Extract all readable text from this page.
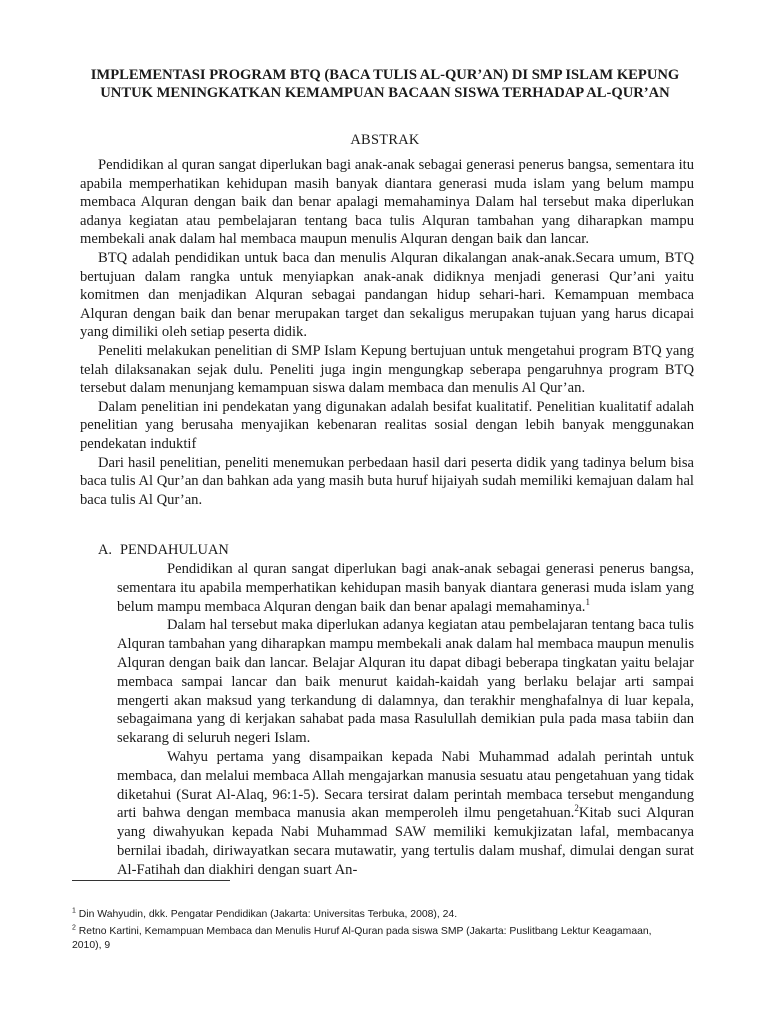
IMPLEMENTASI PROGRAM BTQ (BACA TULIS AL-QUR’AN) DI SMP ISLAM KEPUNG UNTUK MENINGKATKAN KEMAMPUAN BACAAN SISWA TERHADAP AL-QUR’AN
ABSTRAK

Pendidikan al quran sangat diperlukan bagi anak-anak sebagai generasi penerus bangsa, sementara itu apabila memperhatikan kehidupan masih banyak diantara generasi muda islam yang belum mampu membaca Alquran dengan baik dan benar apalagi memahaminya Dalam hal tersebut maka diperlukan adanya kegiatan atau pembelajaran tentang baca tulis Alquran tambahan yang diharapkan mampu membekali anak dalam hal membaca maupun menulis Alquran dengan baik dan lancar.

BTQ adalah pendidikan untuk baca dan menulis Alquran dikalangan anak-anak.Secara umum, BTQ bertujuan dalam rangka untuk menyiapkan anak-anak didiknya menjadi generasi Qur’ani yaitu komitmen dan menjadikan Alquran sebagai pandangan hidup sehari-hari. Kemampuan membaca Alquran dengan baik dan benar merupakan target dan sekaligus merupakan tujuan yang harus dicapai yang dimiliki oleh setiap peserta didik.

Peneliti melakukan penelitian di SMP Islam Kepung bertujuan untuk mengetahui program BTQ yang telah dilaksanakan sejak dulu. Peneliti juga ingin mengungkap seberapa pengaruhnya program BTQ tersebut dalam menunjang kemampuan siswa dalam membaca dan menulis Al Qur’an.

Dalam penelitian ini pendekatan yang digunakan adalah besifat kualitatif. Penelitian kualitatif adalah penelitian yang berusaha menyajikan kebenaran realitas sosial dengan lebih banyak menggunakan pendekatan induktif

Dari hasil penelitian, peneliti menemukan perbedaan hasil dari peserta didik yang tadinya belum bisa baca tulis Al Qur’an dan bahkan ada yang masih buta huruf hijaiyah sudah memiliki kemajuan dalam hal baca tulis Al Qur’an.

A. PENDAHULUAN

Pendidikan al quran sangat diperlukan bagi anak-anak sebagai generasi penerus bangsa, sementara itu apabila memperhatikan kehidupan masih banyak diantara generasi muda islam yang belum mampu membaca Alquran dengan baik dan benar apalagi memahaminya.$^1$

Dalam hal tersebut maka diperlukan adanya kegiatan atau pembelajaran tentang baca tulis Alquran tambahan yang diharapkan mampu membekali anak dalam hal membaca maupun menulis Alquran dengan baik dan lancar. Belajar Alquran itu dapat dibagi beberapa tingkatan yaitu belajar membaca sampai lancar dan baik menurut kaidah-kaidah yang berlaku belajar arti sampai mengerti akan maksud yang terkandung di dalamnya, dan terakhir menghafalnya di luar kepala, sebagaimana yang di kerjakan sahabat pada masa Rasulullah demikian pula pada masa tabiin dan sekarang di seluruh negeri Islam.

Wahyu pertama yang disampaikan kepada Nabi Muhammad adalah perintah untuk membaca, dan melalui membaca Allah mengajarkan manusia sesuatu atau pengetahuan yang tidak diketahui (Surat Al-Alaq, 96:1-5). Secara tersirat dalam perintah membaca tersebut mengandung arti bahwa dengan membaca manusia akan memperoleh ilmu pengetahuan.$^2$Kitab suci Alquran yang diwahyukan kepada Nabi Muhammad SAW memiliki kemukjizatan lafal, membacanya bernilai ibadah, diriwayatkan secara mutawatir, yang tertulis dalam mushaf, dimulai dengan surat Al-Fatihah dan diakhiri dengan suart An-

$^1$ Din Wahyudin, dkk. Pengatar Pendidikan (Jakarta: Universitas Terbuka, 2008), 24.

$^2$ Retno Kartini, Kemampuan Membaca dan Menulis Huruf Al-Quran pada siswa SMP (Jakarta: Puslitbang Lektur Keagamaan, 2010), 9
